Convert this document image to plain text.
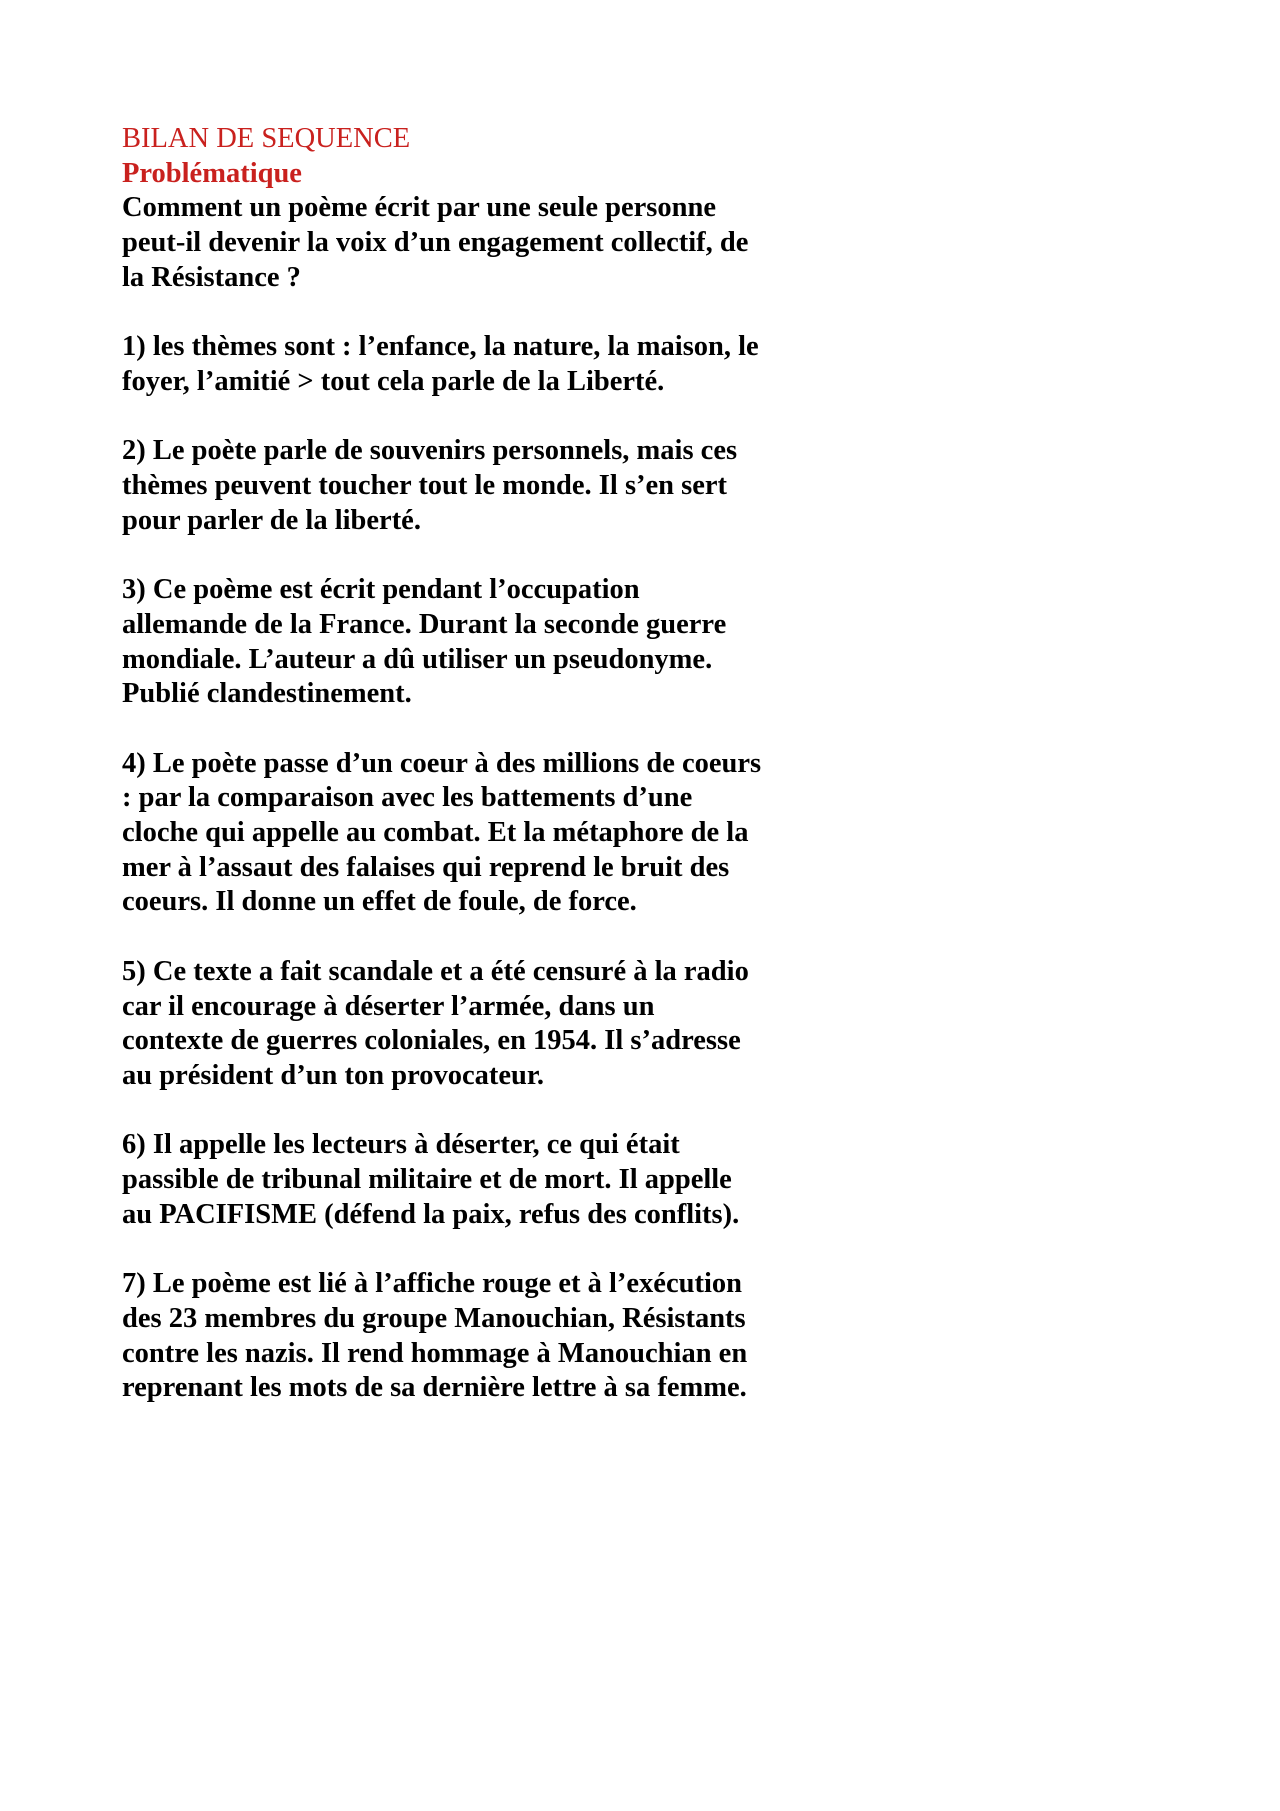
BILAN DE SEQUENCE
Problématique
Comment un poème écrit par une seule personne peut-il devenir la voix d’un engagement collectif, de la Résistance ?
1) les thèmes sont : l’enfance, la nature, la maison, le foyer, l’amitié > tout cela parle de la Liberté.
2) Le poète parle de souvenirs personnels, mais ces thèmes peuvent toucher tout le monde. Il s’en sert pour parler de la liberté.
3) Ce poème est écrit pendant l’occupation allemande de la France. Durant la seconde guerre mondiale. L’auteur a dû utiliser un pseudonyme. Publié clandestinement.
4) Le poète passe d’un coeur à des millions de coeurs : par la comparaison avec les battements d’une cloche qui appelle au combat. Et la métaphore de la mer à l’assaut des falaises qui reprend le bruit des coeurs. Il donne un effet de foule, de force.
5) Ce texte a fait scandale et a été censuré à la radio car il encourage à déserter l’armée, dans un contexte de guerres coloniales, en 1954. Il s’adresse au président d’un ton provocateur.
6) Il appelle les lecteurs à déserter, ce qui était passible de tribunal militaire et de mort. Il appelle au PACIFISME (défend la paix, refus des conflits).
7) Le poème est lié à l’affiche rouge et à l’exécution des 23 membres du groupe Manouchian, Résistants contre les nazis. Il rend hommage à Manouchian en reprenant les mots de sa dernière lettre à sa femme.
